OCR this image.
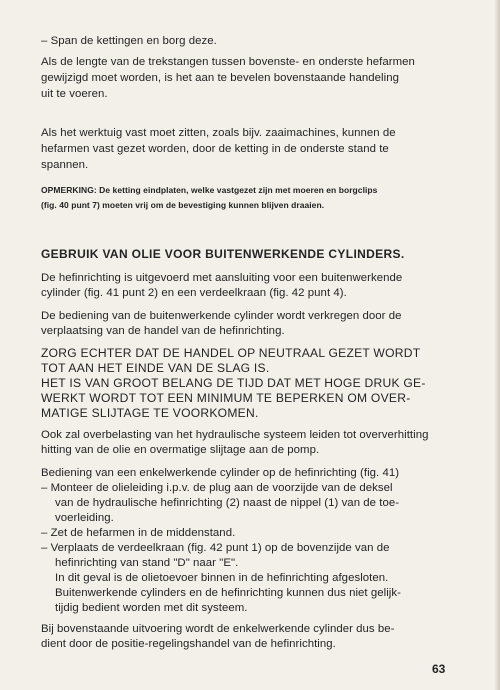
– Span de kettingen en borg deze.
Als de lengte van de trekstangen tussen bovenste- en onderste hefarmen
gewijzigd moet worden, is het aan te bevelen bovenstaande handeling
uit te voeren.
Als het werktuig vast moet zitten, zoals bijv. zaaimachines, kunnen de
hefarmen vast gezet worden, door de ketting in de onderste stand te
spannen.
OPMERKING: De ketting eindplaten, welke vastgezet zijn met moeren en borgclips
(fig. 40 punt 7) moeten vrij om de bevestiging kunnen blijven draaien.
GEBRUIK VAN OLIE VOOR BUITENWERKENDE CYLINDERS.
De hefinrichting is uitgevoerd met aansluiting voor een buitenwerkende
cylinder (fig. 41 punt 2) en een verdeelkraan (fig. 42 punt 4).
De bediening van de buitenwerkende cylinder wordt verkregen door de
verplaatsing van de handel van de hefinrichting.
ZORG ECHTER DAT DE HANDEL OP NEUTRAAL GEZET WORDT
TOT AAN HET EINDE VAN DE SLAG IS.
HET IS VAN GROOT BELANG DE TIJD DAT MET HOGE DRUK GE-
WERKT WORDT TOT EEN MINIMUM TE BEPERKEN OM OVER-
MATIGE SLIJTAGE TE VOORKOMEN.
Ook zal overbelasting van het hydraulische systeem leiden tot oververhitting
hitting van de olie en overmatige slijtage aan de pomp.
Bediening van een enkelwerkende cylinder op de hefinrichting (fig. 41)
– Monteer de olieleiding i.p.v. de plug aan de voorzijde van de deksel
van de hydraulische hefinrichting (2) naast de nippel (1) van de toe-
voerleiding.
– Zet de hefarmen in de middenstand.
– Verplaats de verdeelkraan (fig. 42 punt 1) op de bovenzijde van de
hefinrichting van stand "D" naar "E".
In dit geval is de olietoevoer binnen in de hefinrichting afgesloten.
Buitenwerkende cylinders en de hefinrichting kunnen dus niet gelijk-
tijdig bedient worden met dit systeem.
Bij bovenstaande uitvoering wordt de enkelwerkende cylinder dus be-
dient door de positie-regelingshandel van de hefinrichting.
63
